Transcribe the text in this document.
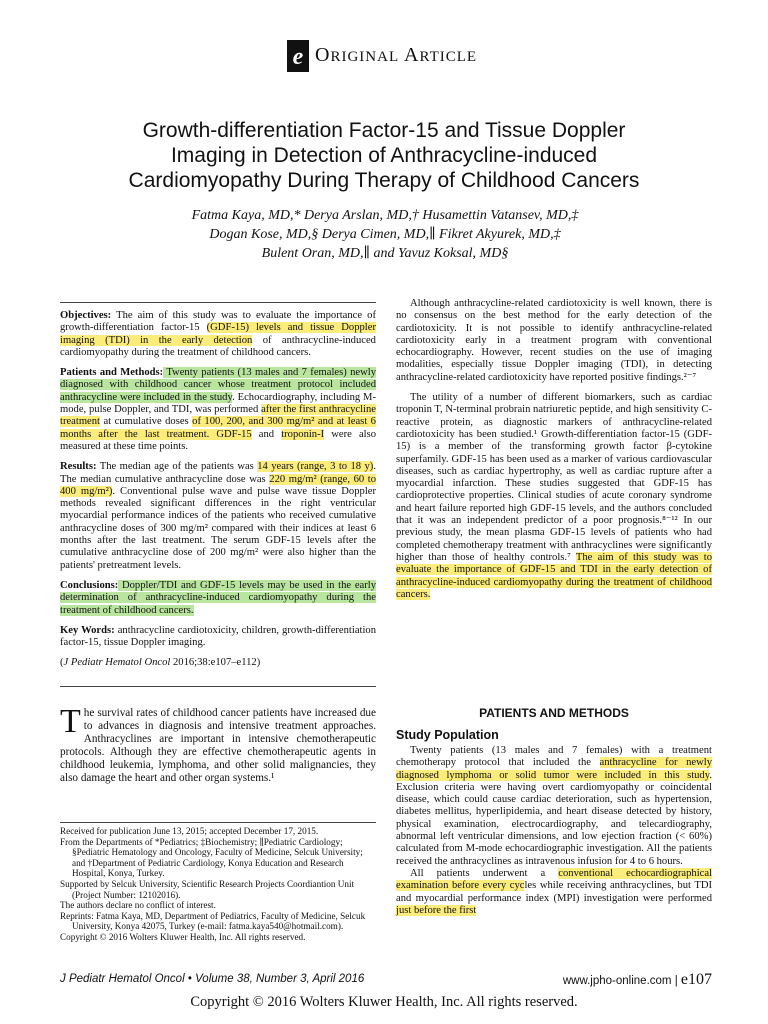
e ORIGINAL ARTICLE
Growth-differentiation Factor-15 and Tissue Doppler
Imaging in Detection of Anthracycline-induced
Cardiomyopathy During Therapy of Childhood Cancers
Fatma Kaya, MD,* Derya Arslan, MD,† Husamettin Vatansev, MD,‡
Dogan Kose, MD,§ Derya Cimen, MD,∥ Fikret Akyurek, MD,‡
Bulent Oran, MD,∥ and Yavuz Koksal, MD§

Objectives: The aim of this study was to evaluate the importance of growth-differentiation factor-15 (GDF-15) levels and tissue Doppler imaging (TDI) in the early detection of anthracycline-induced cardiomyopathy during the treatment of childhood cancers.

Patients and Methods: Twenty patients (13 males and 7 females) newly diagnosed with childhood cancer whose treatment protocol included anthracycline were included in the study. Echocardiography, including M-mode, pulse Doppler, and TDI, was performed after the first anthracycline treatment at cumulative doses of 100, 200, and 300 mg/m² and at least 6 months after the last treatment. GDF-15 and troponin-I were also measured at these time points.

Results: The median age of the patients was 14 years (range, 3 to 18 y). The median cumulative anthracycline dose was 220 mg/m² (range, 60 to 400 mg/m²). Conventional pulse wave and pulse wave tissue Doppler methods revealed significant differences in the right ventricular myocardial performance indices of the patients who received cumulative anthracycline doses of 300 mg/m² compared with their indices at least 6 months after the last treatment. The serum GDF-15 levels after the cumulative anthracycline dose of 200 mg/m² were also higher than the patients' pretreatment levels.

Conclusions: Doppler/TDI and GDF-15 levels may be used in the early determination of anthracycline-induced cardiomyopathy during the treatment of childhood cancers.

Key Words: anthracycline cardiotoxicity, children, growth-differentiation factor-15, tissue Doppler imaging.

(J Pediatr Hematol Oncol 2016;38:e107–e112)

The survival rates of childhood cancer patients have increased due to advances in diagnosis and intensive treatment approaches. Anthracyclines are important in intensive chemotherapeutic protocols. Although they are effective chemotherapeutic agents in childhood leukemia, lymphoma, and other solid malignancies, they also damage the heart and other organ systems.¹

Received for publication June 13, 2015; accepted December 17, 2015.

From the Departments of *Pediatrics; ‡Biochemistry; ∥Pediatric Cardiology; §Pediatric Hematology and Oncology, Faculty of Medicine, Selcuk University; and †Department of Pediatric Cardiology, Konya Education and Research Hospital, Konya, Turkey.

Supported by Selcuk University, Scientific Research Projects Coordiantion Unit (Project Number: 12102016).

The authors declare no conflict of interest.

Reprints: Fatma Kaya, MD, Department of Pediatrics, Faculty of Medicine, Selcuk University, Konya 42075, Turkey (e-mail: fatma.kaya540@hotmail.com).

Copyright © 2016 Wolters Kluwer Health, Inc. All rights reserved.

Although anthracycline-related cardiotoxicity is well known, there is no consensus on the best method for the early detection of the cardiotoxicity. It is not possible to identify anthracycline-related cardiotoxicity early in a treatment program with conventional echocardiography. However, recent studies on the use of imaging modalities, especially tissue Doppler imaging (TDI), in detecting anthracycline-related cardiotoxicity have reported positive findings.²⁻⁷

The utility of a number of different biomarkers, such as cardiac troponin T, N-terminal probrain natriuretic peptide, and high sensitivity C-reactive protein, as diagnostic markers of anthracycline-related cardiotoxicity has been studied.¹ Growth-differentiation factor-15 (GDF-15) is a member of the transforming growth factor β-cytokine superfamily. GDF-15 has been used as a marker of various cardiovascular diseases, such as cardiac hypertrophy, as well as cardiac rupture after a myocardial infarction. These studies suggested that GDF-15 has cardioprotective properties. Clinical studies of acute coronary syndrome and heart failure reported high GDF-15 levels, and the authors concluded that it was an independent predictor of a poor prognosis.⁸⁻¹² In our previous study, the mean plasma GDF-15 levels of patients who had completed chemotherapy treatment with anthracyclines were significantly higher than those of healthy controls.⁷ The aim of this study was to evaluate the importance of GDF-15 and TDI in the early detection of anthracycline-induced cardiomyopathy during the treatment of childhood cancers.

PATIENTS AND METHODS
Study Population

Twenty patients (13 males and 7 females) with a treatment chemotherapy protocol that included the anthracycline for newly diagnosed lymphoma or solid tumor were included in this study. Exclusion criteria were having overt cardiomyopathy or coincidental disease, which could cause cardiac deterioration, such as hypertension, diabetes mellitus, hyperlipidemia, and heart disease detected by history, physical examination, electrocardiography, and telecardiography, abnormal left ventricular dimensions, and low ejection fraction (< 60%) calculated from M-mode echocardiographic investigation. All the patients received the anthracyclines as intravenous infusion for 4 to 6 hours.

All patients underwent a conventional echocardiographical examination before every cycles while receiving anthracyclines, but TDI and myocardial performance index (MPI) investigation were performed just before the first

J Pediatr Hematol Oncol • Volume 38, Number 3, April 2016	www.jpho-online.com | e107
Copyright © 2016 Wolters Kluwer Health, Inc. All rights reserved.
